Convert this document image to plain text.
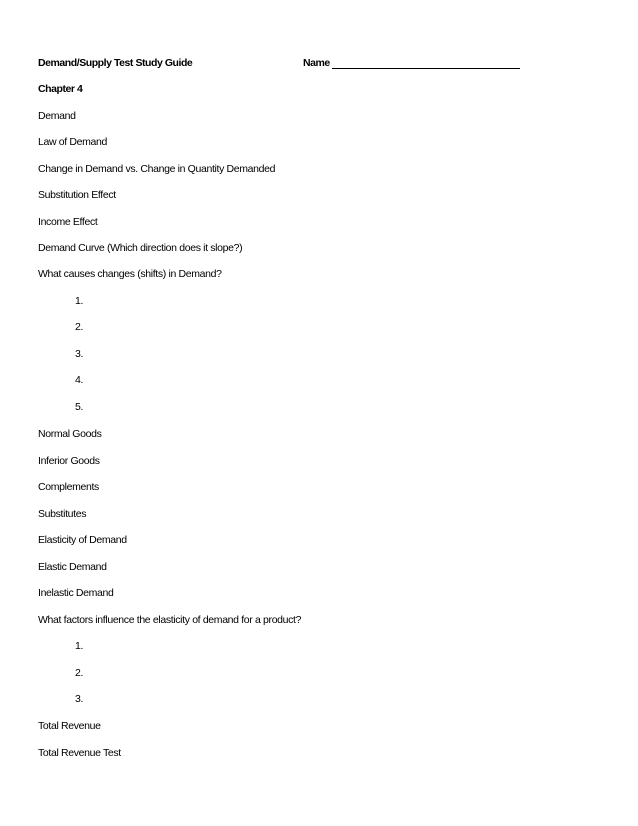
Demand/Supply Test Study Guide	Name
Chapter 4
Demand
Law of Demand
Change in Demand vs. Change in Quantity Demanded
Substitution Effect
Income Effect
Demand Curve (Which direction does it slope?)
What causes changes (shifts) in Demand?
1.
2.
3.
4.
5.
Normal Goods
Inferior Goods
Complements
Substitutes
Elasticity of Demand
Elastic Demand
Inelastic Demand
What factors influence the elasticity of demand for a product?
1.
2.
3.
Total Revenue
Total Revenue Test
